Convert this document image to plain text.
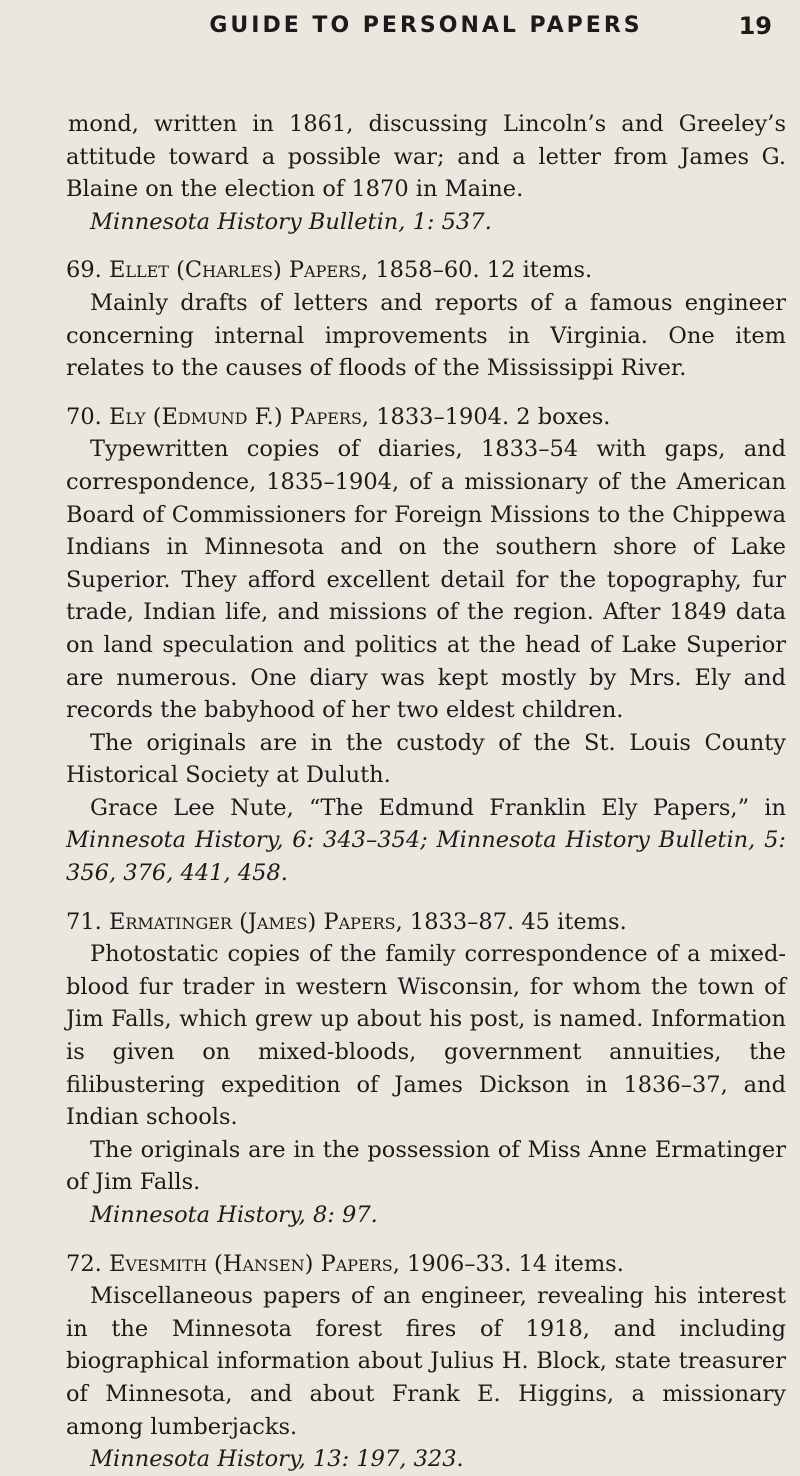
GUIDE TO PERSONAL PAPERS	19

mond, written in 1861, discussing Lincoln’s and Greeley’s attitude toward a possible war; and a letter from James G. Blaine on the election of 1870 in Maine.

Minnesota History Bulletin, 1: 537.

69. Ellet (Charles) Papers, 1858–60. 12 items.

Mainly drafts of letters and reports of a famous engineer concerning internal improvements in Virginia. One item relates to the causes of floods of the Mississippi River.

70. Ely (Edmund F.) Papers, 1833–1904. 2 boxes.

Typewritten copies of diaries, 1833–54 with gaps, and correspondence, 1835–1904, of a missionary of the American Board of Commissioners for Foreign Missions to the Chippewa Indians in Minnesota and on the southern shore of Lake Superior. They afford excellent detail for the topography, fur trade, Indian life, and missions of the region. After 1849 data on land speculation and politics at the head of Lake Superior are numerous. One diary was kept mostly by Mrs. Ely and records the babyhood of her two eldest children.

The originals are in the custody of the St. Louis County Historical Society at Duluth.

Grace Lee Nute, “The Edmund Franklin Ely Papers,” in Minnesota History, 6: 343–354; Minnesota History Bulletin, 5: 356, 376, 441, 458.

71. Ermatinger (James) Papers, 1833–87. 45 items.

Photostatic copies of the family correspondence of a mixed-blood fur trader in western Wisconsin, for whom the town of Jim Falls, which grew up about his post, is named. Information is given on mixed-bloods, government annuities, the filibustering expedition of James Dickson in 1836–37, and Indian schools.

The originals are in the possession of Miss Anne Ermatinger of Jim Falls.

Minnesota History, 8: 97.

72. Evesmith (Hansen) Papers, 1906–33. 14 items.

Miscellaneous papers of an engineer, revealing his interest in the Minnesota forest fires of 1918, and including biographical information about Julius H. Block, state treasurer of Minnesota, and about Frank E. Higgins, a missionary among lumberjacks.

Minnesota History, 13: 197, 323.
